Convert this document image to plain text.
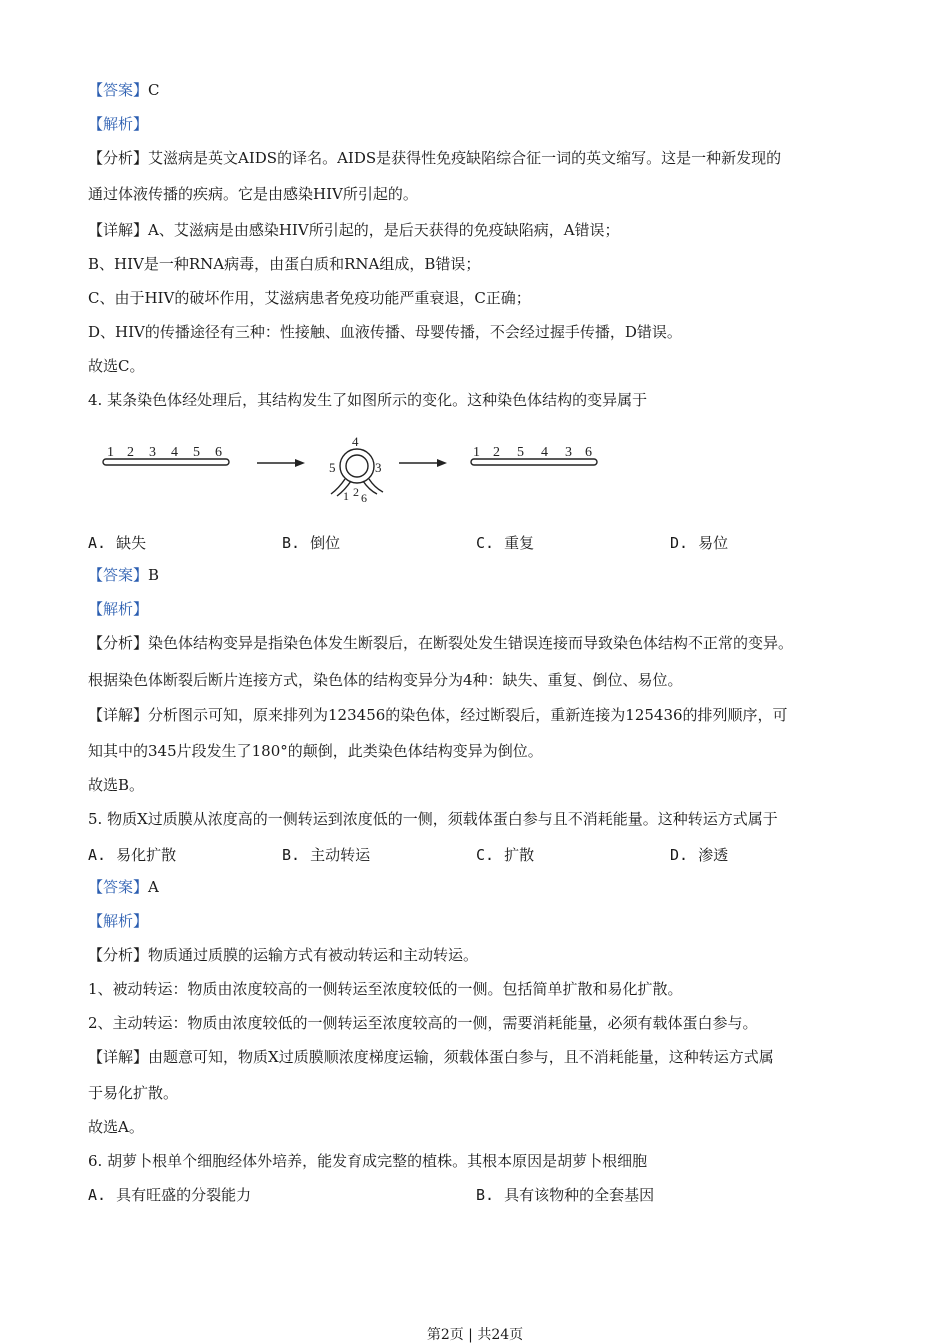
【答案】C
【解析】
【分析】艾滋病是英文AIDS的译名。AIDS是获得性免疫缺陷综合征一词的英文缩写。这是一种新发现的
通过体液传播的疾病。它是由感染HIV所引起的。
【详解】A、艾滋病是由感染HIV所引起的，是后天获得的免疫缺陷病，A错误；
B、HIV是一种RNA病毒，由蛋白质和RNA组成，B错误；
C、由于HIV的破坏作用，艾滋病患者免疫功能严重衰退，C正确；
D、HIV的传播途径有三种：性接触、血液传播、母婴传播，不会经过握手传播，D错误。
故选C。
4. 某条染色体经处理后，其结构发生了如图所示的变化。这种染色体结构的变异属于
1 2 3 4 5 6
4
5	3
1 2 6
1 2 5 4 3 6
A. 缺失	B. 倒位	C. 重复	D. 易位
【答案】B
【解析】
【分析】染色体结构变异是指染色体发生断裂后，在断裂处发生错误连接而导致染色体结构不正常的变异。
根据染色体断裂后断片连接方式，染色体的结构变异分为4种：缺失、重复、倒位、易位。
【详解】分析图示可知，原来排列为123456的染色体，经过断裂后，重新连接为125436的排列顺序，可
知其中的345片段发生了180°的颠倒，此类染色体结构变异为倒位。
故选B。
5. 物质X过质膜从浓度高的一侧转运到浓度低的一侧，须载体蛋白参与且不消耗能量。这种转运方式属于
A. 易化扩散	B. 主动转运	C. 扩散	D. 渗透
【答案】A
【解析】
【分析】物质通过质膜的运输方式有被动转运和主动转运。
1、被动转运：物质由浓度较高的一侧转运至浓度较低的一侧。包括简单扩散和易化扩散。
2、主动转运：物质由浓度较低的一侧转运至浓度较高的一侧，需要消耗能量，必须有载体蛋白参与。
【详解】由题意可知，物质X过质膜顺浓度梯度运输，须载体蛋白参与，且不消耗能量，这种转运方式属
于易化扩散。
故选A。
6. 胡萝卜根单个细胞经体外培养，能发育成完整的植株。其根本原因是胡萝卜根细胞
A. 具有旺盛的分裂能力	B. 具有该物种的全套基因
第2页 | 共24页
